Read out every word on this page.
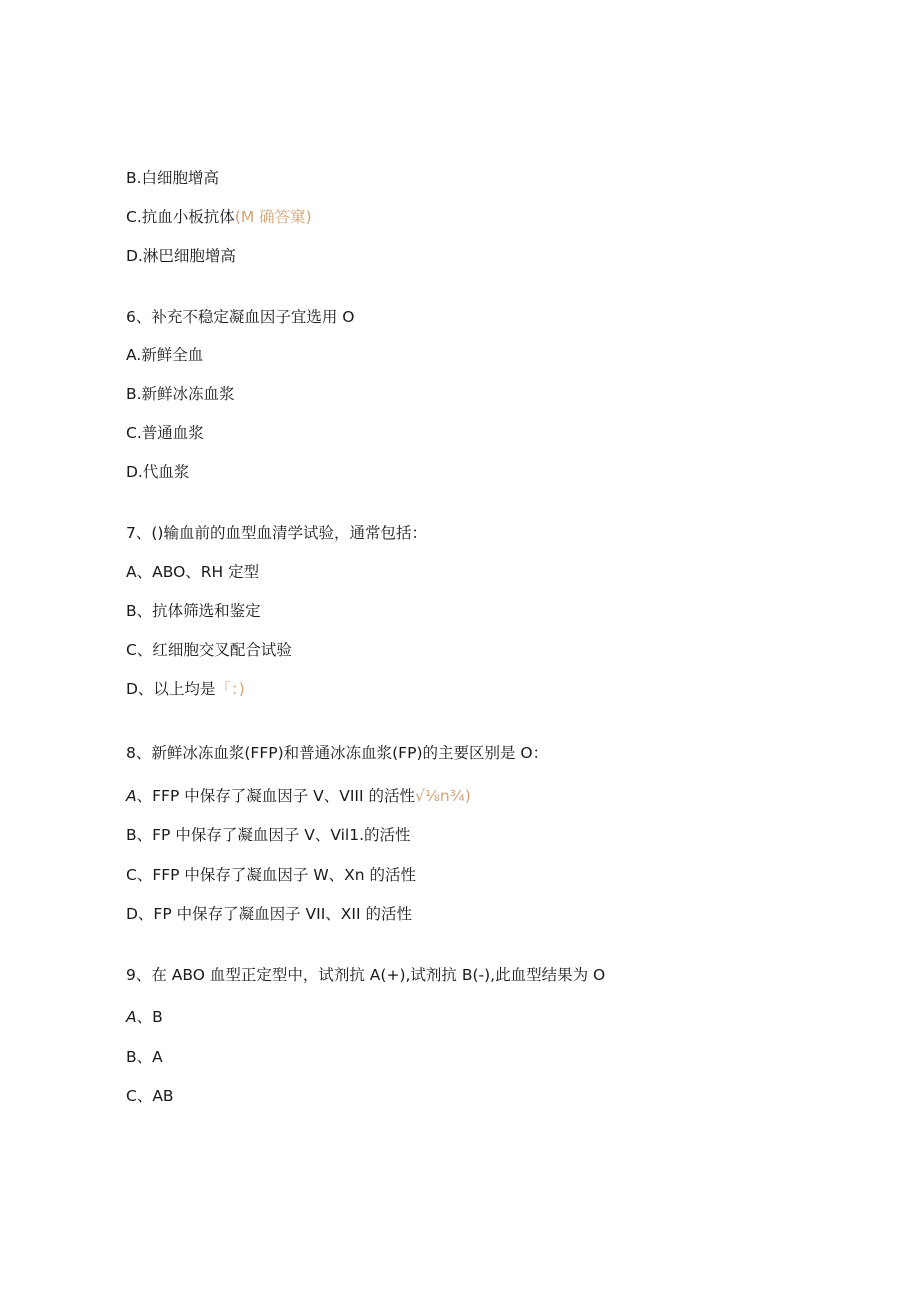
B.白细胞增高
C.抗血小板抗体(M 确答窠)
D.淋巴细胞增高
6、补充不稳定凝血因子宜选用 O
A.新鲜全血
B.新鲜冰冻血浆
C.普通血浆
D.代血浆
7、()输血前的血型血清学试验，通常包括：
A、ABO、RH 定型
B、抗体筛选和鉴定
C、红细胞交叉配合试验
D、以上均是「：)
8、新鲜冰冻血浆(FFP)和普通冰冻血浆(FP)的主要区别是 O：
A、FFP 中保存了凝血因子 V、VIII 的活性√⅛n¾)
B、FP 中保存了凝血因子 V、Vil1.的活性
C、FFP 中保存了凝血因子 W、Xn 的活性
D、FP 中保存了凝血因子 VII、XII 的活性
9、在 ABO 血型正定型中，试剂抗 A(+),试剂抗 B(-),此血型结果为 O
A、B
B、A
C、AB
